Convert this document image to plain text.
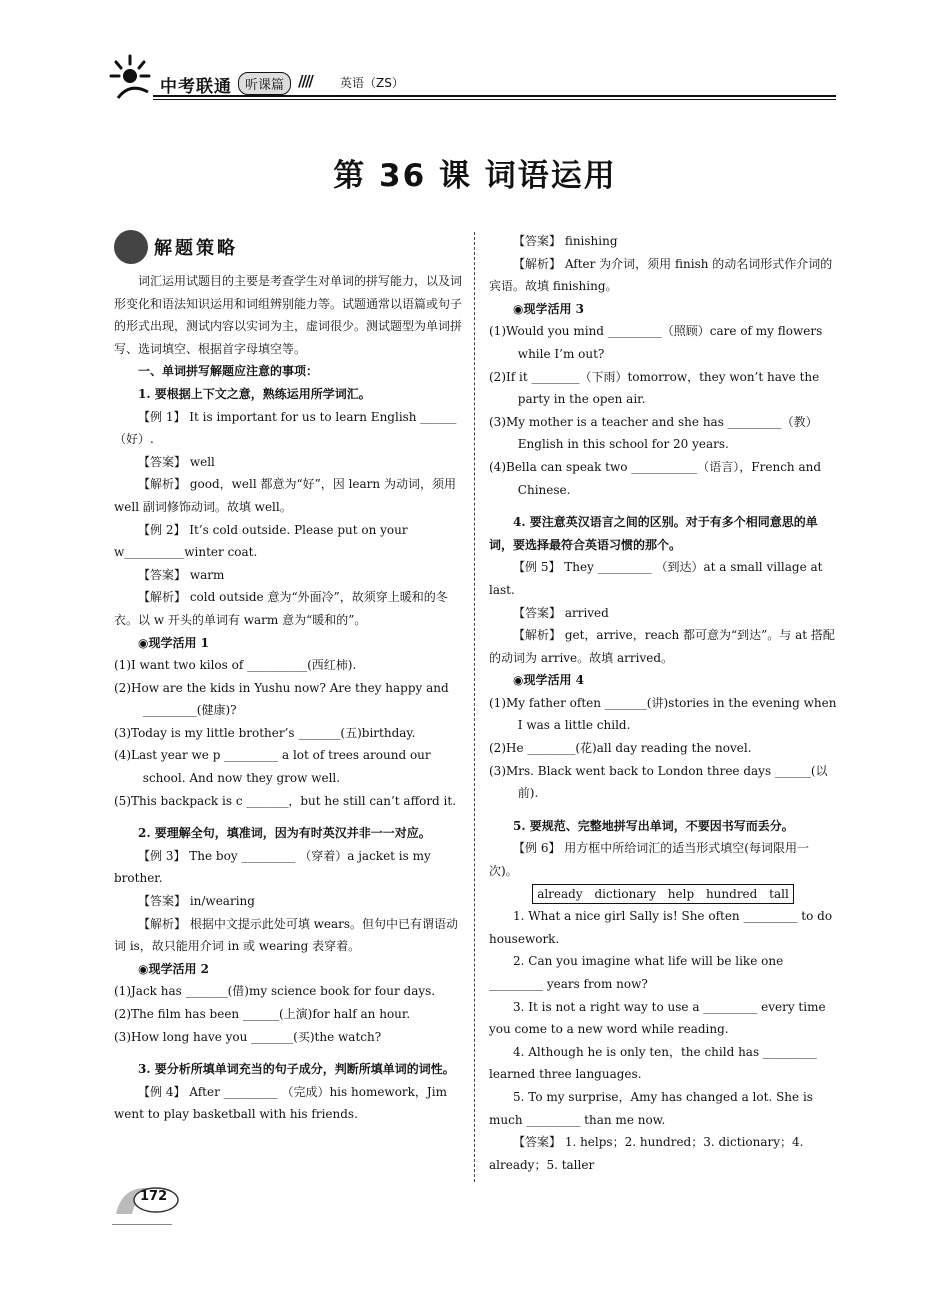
中考联通	听课篇 //// 英语（ZS）
第 36 课 词语运用
解题策略

词汇运用试题目的主要是考查学生对单词的拼写能力，以及词形变化和语法知识运用和词组辨别能力等。试题通常以语篇或句子的形式出现，测试内容以实词为主，虚词很少。测试题型为单词拼写、选词填空、根据首字母填空等。

一、单词拼写解题应注意的事项：

1. 要根据上下文之意，熟练运用所学词汇。

【例 1】 It is important for us to learn English ______（好）.

【答案】 well

【解析】 good，well 都意为“好”，因 learn 为动词，须用 well 副词修饰动词。故填 well。

【例 2】 It’s cold outside. Please put on your w__________winter coat.

【答案】 warm

【解析】 cold outside 意为“外面冷”，故须穿上暖和的冬衣。以 w 开头的单词有 warm 意为“暖和的”。

◉现学活用 1

(1)I want two kilos of __________(西红柿).

(2)How are the kids in Yushu now? Are they happy and _________(健康)?

(3)Today is my little brother’s _______(五)birthday.

(4)Last year we p _________ a lot of trees around our school. And now they grow well.

(5)This backpack is c _______，but he still can’t afford it.

2. 要理解全句，填准词，因为有时英汉并非一一对应。

【例 3】 The boy _________ （穿着）a jacket is my brother.

【答案】 in/wearing

【解析】 根据中文提示此处可填 wears。但句中已有谓语动词 is，故只能用介词 in 或 wearing 表穿着。

◉现学活用 2

(1)Jack has _______(借)my science book for four days.

(2)The film has been ______(上演)for half an hour.

(3)How long have you _______(买)the watch?

3. 要分析所填单词充当的句子成分，判断所填单词的词性。

【例 4】 After _________ （完成）his homework，Jim went to play basketball with his friends.

【答案】 finishing

【解析】 After 为介词，须用 finish 的动名词形式作介词的宾语。故填 finishing。

◉现学活用 3

(1)Would you mind _________（照顾）care of my flowers while I’m out?

(2)If it ________（下雨）tomorrow，they won’t have the party in the open air.

(3)My mother is a teacher and she has _________（教）English in this school for 20 years.

(4)Bella can speak two ___________（语言），French and Chinese.

4. 要注意英汉语言之间的区别。对于有多个相同意思的单词，要选择最符合英语习惯的那个。

【例 5】 They _________ （到达）at a small village at last.

【答案】 arrived

【解析】 get，arrive，reach 都可意为“到达”。与 at 搭配的动词为 arrive。故填 arrived。

◉现学活用 4

(1)My father often _______(讲)stories in the evening when I was a little child.

(2)He ________(花)all day reading the novel.

(3)Mrs. Black went back to London three days ______(以前).

5. 要规范、完整地拼写出单词，不要因书写而丢分。

【例 6】 用方框中所给词汇的适当形式填空(每词限用一次)。

already dictionary help hundred tall

1. What a nice girl Sally is! She often _________ to do housework.

2. Can you imagine what life will be like one _________ years from now?

3. It is not a right way to use a _________ every time you come to a new word while reading.

4. Although he is only ten，the child has _________ learned three languages.

5. To my surprise，Amy has changed a lot. She is much _________ than me now.

【答案】 1. helps；2. hundred；3. dictionary；4. already；5. taller

172
